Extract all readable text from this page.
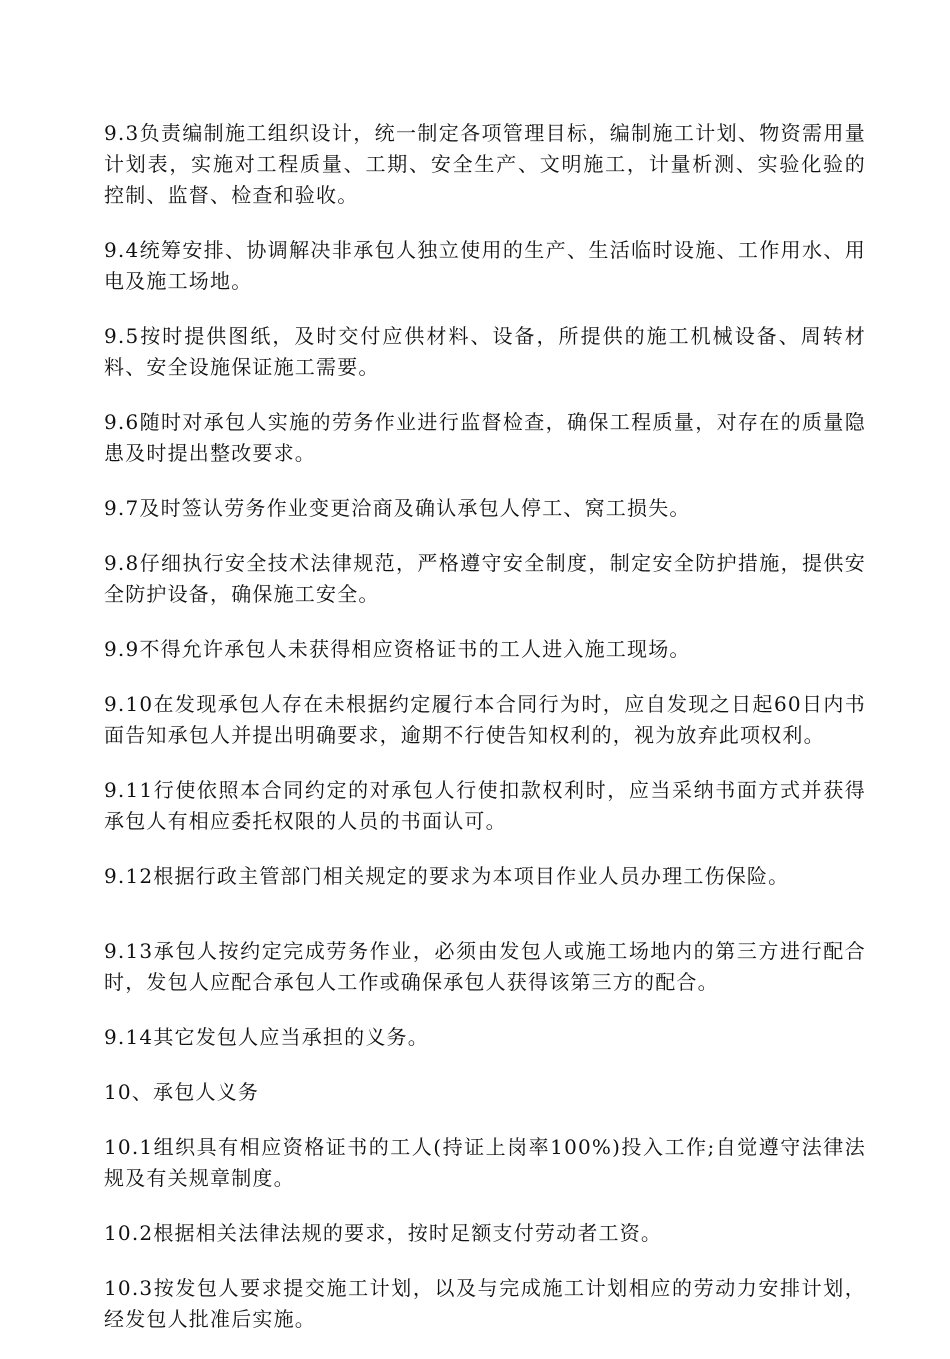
9.3负责编制施工组织设计，统一制定各项管理目标，编制施工计划、物资需用量计划表，实施对工程质量、工期、安全生产、文明施工，计量析测、实验化验的控制、监督、检查和验收。

9.4统筹安排、协调解决非承包人独立使用的生产、生活临时设施、工作用水、用电及施工场地。

9.5按时提供图纸，及时交付应供材料、设备，所提供的施工机械设备、周转材料、安全设施保证施工需要。

9.6随时对承包人实施的劳务作业进行监督检查，确保工程质量，对存在的质量隐患及时提出整改要求。

9.7及时签认劳务作业变更洽商及确认承包人停工、窝工损失。

9.8仔细执行安全技术法律规范，严格遵守安全制度，制定安全防护措施，提供安全防护设备，确保施工安全。

9.9不得允许承包人未获得相应资格证书的工人进入施工现场。

9.10在发现承包人存在未根据约定履行本合同行为时，应自发现之日起60日内书面告知承包人并提出明确要求，逾期不行使告知权利的，视为放弃此项权利。

9.11行使依照本合同约定的对承包人行使扣款权利时，应当采纳书面方式并获得承包人有相应委托权限的人员的书面认可。

9.12根据行政主管部门相关规定的要求为本项目作业人员办理工伤保险。

9.13承包人按约定完成劳务作业，必须由发包人或施工场地内的第三方进行配合时，发包人应配合承包人工作或确保承包人获得该第三方的配合。

9.14其它发包人应当承担的义务。

10、承包人义务

10.1组织具有相应资格证书的工人(持证上岗率100%)投入工作;自觉遵守法律法规及有关规章制度。

10.2根据相关法律法规的要求，按时足额支付劳动者工资。

10.3按发包人要求提交施工计划，以及与完成施工计划相应的劳动力安排计划，经发包人批准后实施。
